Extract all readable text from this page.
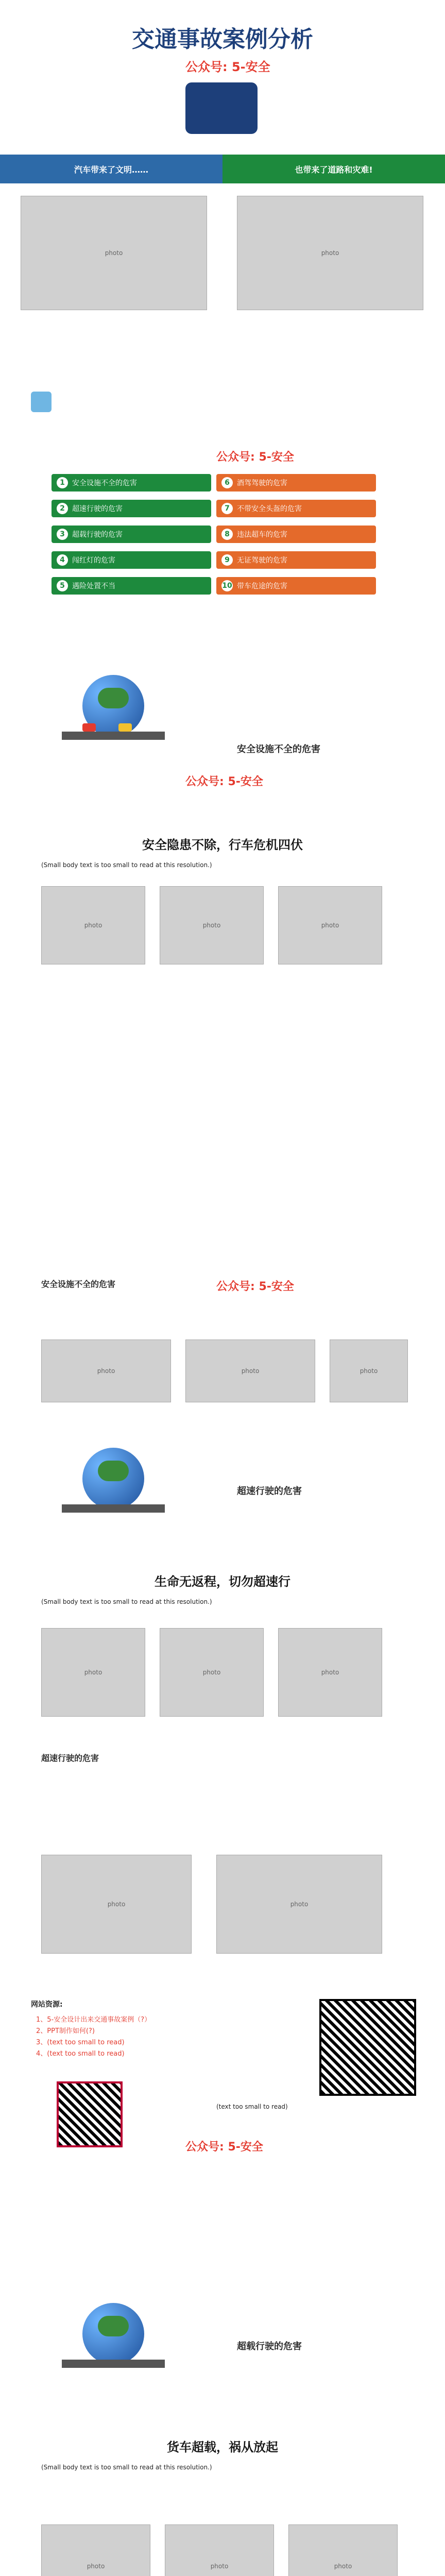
交通事故案例分析
公众号: 5-安全
汽车带来了文明……	也带来了道路和灾难!
photo	photo
公众号: 5-安全
1	安全设施不全的危害	6	酒驾驾驶的危害
2	超速行驶的危害	7	不带安全头盔的危害
3	超载行驶的危害	8	违法超车的危害
4	闯红灯的危害	9	无证驾驶的危害
5	遇险处置不当	10 带车危途的危害
安全设施不全的危害
公众号: 5-安全
安全隐患不除，行车危机四伏
(Small body text is too small to read at this resolution.)
photo	photo	photo
安全设施不全的危害	公众号: 5-安全
photo	photo	photo
超速行驶的危害
生命无返程，切勿超速行
(Small body text is too small to read at this resolution.)
photo	photo	photo
超速行驶的危害
photo	photo
网站资源:
1、5-安全设计出来交通事故案例（?）
2、PPT制作如何(?)
3、(text too small to read)
4、(text too small to read)
(text too small to read)
公众号: 5-安全
超载行驶的危害
货车超载，祸从放起
(Small body text is too small to read at this resolution.)
photo	photo	photo
